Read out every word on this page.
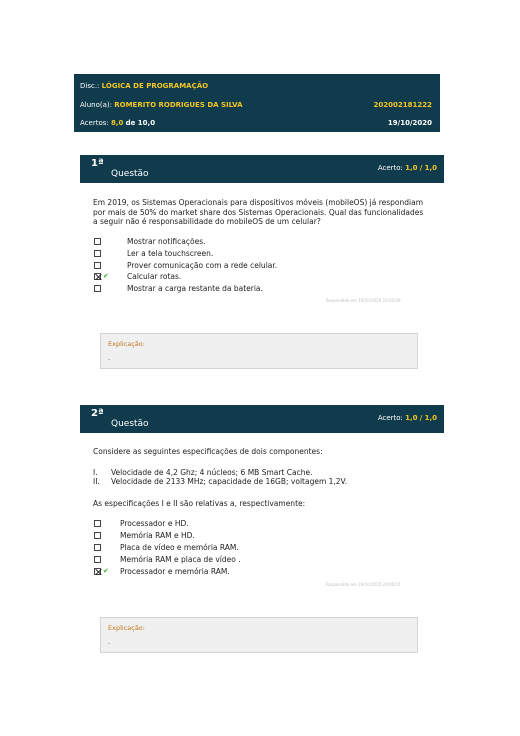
Disc.: LÓGICA DE PROGRAMAÇÃO
Aluno(a): ROMERITO RODRIGUES DA SILVA	202002181222
Acertos: 8,0 de 10,0	19/10/2020
1ª
Questão
Acerto: 1,0 / 1,0
Em 2019, os Sistemas Operacionais para dispositivos móveis (mobileOS) já respondiam
por mais de 50% do market share dos Sistemas Operacionais. Qual das funcionalidades
a seguir não é responsabilidade do mobileOS de um celular?
Mostrar notificações.
Ler a tela touchscreen.
Prover comunicação com a rede celular.
✔ Calcular rotas.
Mostrar a carga restante da bateria.
Respondido em 19/10/2020 20:05:09
Explicação:
.
2ª
Questão
Acerto: 1,0 / 1,0
Considere as seguintes especificações de dois componentes:
I. Velocidade de 4,2 Ghz; 4 núcleos; 6 MB Smart Cache.
II. Velocidade de 2133 MHz; capacidade de 16GB; voltagem 1,2V.
As especificações I e II são relativas a, respectivamente:
Processador e HD.
Memória RAM e HD.
Placa de vídeo e memória RAM.
Memória RAM e placa de vídeo .
✔ Processador e memória RAM.
Respondido em 19/10/2020 20:06:07
Explicação:
.
